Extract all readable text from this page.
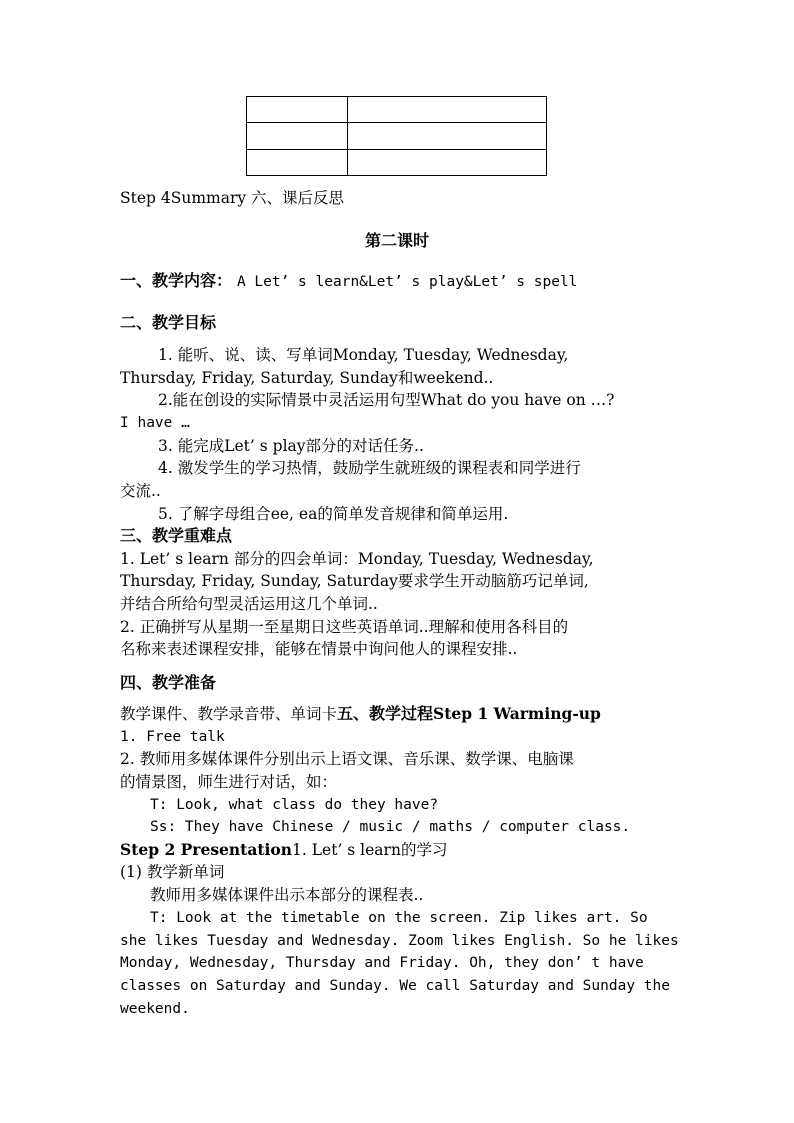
Step 4Summary 六、课后反思
第二课时
一、教学内容： A Let’ s learn&Let’ s play&Let’ s spell
二、教学目标
1. 能听、说、读、写单词Monday, Tuesday, Wednesday,
Thursday, Friday, Saturday, Sunday和weekend..
2.能在创设的实际情景中灵活运用句型What do you have on …?
I have …
3. 能完成Let’ s play部分的对话任务..
4. 激发学生的学习热情，鼓励学生就班级的课程表和同学进行
交流..
5. 了解字母组合ee, ea的简单发音规律和简单运用.
三、教学重难点
1. Let’ s learn 部分的四会单词：Monday, Tuesday, Wednesday,
Thursday, Friday, Sunday, Saturday要求学生开动脑筋巧记单词,
并结合所给句型灵活运用这几个单词..
2. 正确拼写从星期一至星期日这些英语单词..理解和使用各科目的
名称来表述课程安排，能够在情景中询问他人的课程安排..
四、教学准备
教学课件、教学录音带、单词卡五、教学过程Step 1 Warming-up
1. Free talk
2. 教师用多媒体课件分别出示上语文课、音乐课、数学课、电脑课
的情景图，师生进行对话，如：
T: Look, what class do they have?
Ss: They have Chinese / music / maths / computer class.
Step 2 Presentation1. Let’ s learn的学习
(1) 教学新单词
教师用多媒体课件出示本部分的课程表..
T: Look at the timetable on the screen. Zip likes art. So
she likes Tuesday and Wednesday. Zoom likes English. So he likes
Monday, Wednesday, Thursday and Friday. Oh, they don’ t have
classes on Saturday and Sunday. We call Saturday and Sunday the
weekend.
